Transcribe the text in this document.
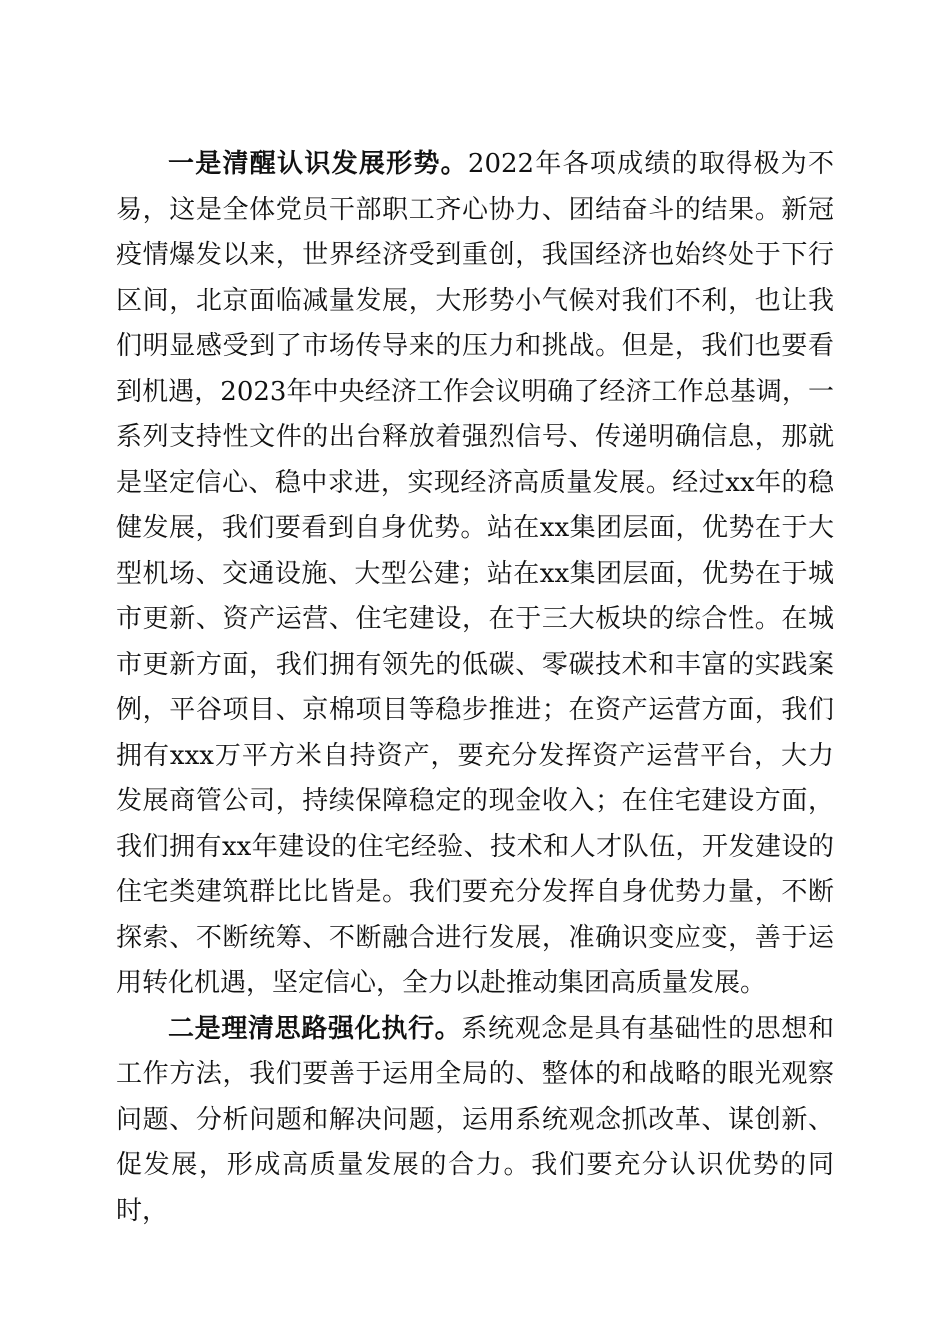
一是清醒认识发展形势。2022年各项成绩的取得极为不易，这是全体党员干部职工齐心协力、团结奋斗的结果。新冠疫情爆发以来，世界经济受到重创，我国经济也始终处于下行区间，北京面临减量发展，大形势小气候对我们不利，也让我们明显感受到了市场传导来的压力和挑战。但是，我们也要看到机遇，2023年中央经济工作会议明确了经济工作总基调，一系列支持性文件的出台释放着强烈信号、传递明确信息，那就是坚定信心、稳中求进，实现经济高质量发展。经过xx年的稳健发展，我们要看到自身优势。站在xx集团层面，优势在于大型机场、交通设施、大型公建；站在xx集团层面，优势在于城市更新、资产运营、住宅建设，在于三大板块的综合性。在城市更新方面，我们拥有领先的低碳、零碳技术和丰富的实践案例，平谷项目、京棉项目等稳步推进；在资产运营方面，我们拥有xxx万平方米自持资产，要充分发挥资产运营平台，大力发展商管公司，持续保障稳定的现金收入；在住宅建设方面，我们拥有xx年建设的住宅经验、技术和人才队伍，开发建设的住宅类建筑群比比皆是。我们要充分发挥自身优势力量，不断探索、不断统筹、不断融合进行发展，准确识变应变，善于运用转化机遇，坚定信心，全力以赴推动集团高质量发展。

二是理清思路强化执行。系统观念是具有基础性的思想和工作方法，我们要善于运用全局的、整体的和战略的眼光观察问题、分析问题和解决问题，运用系统观念抓改革、谋创新、促发展，形成高质量发展的合力。我们要充分认识优势的同时，
